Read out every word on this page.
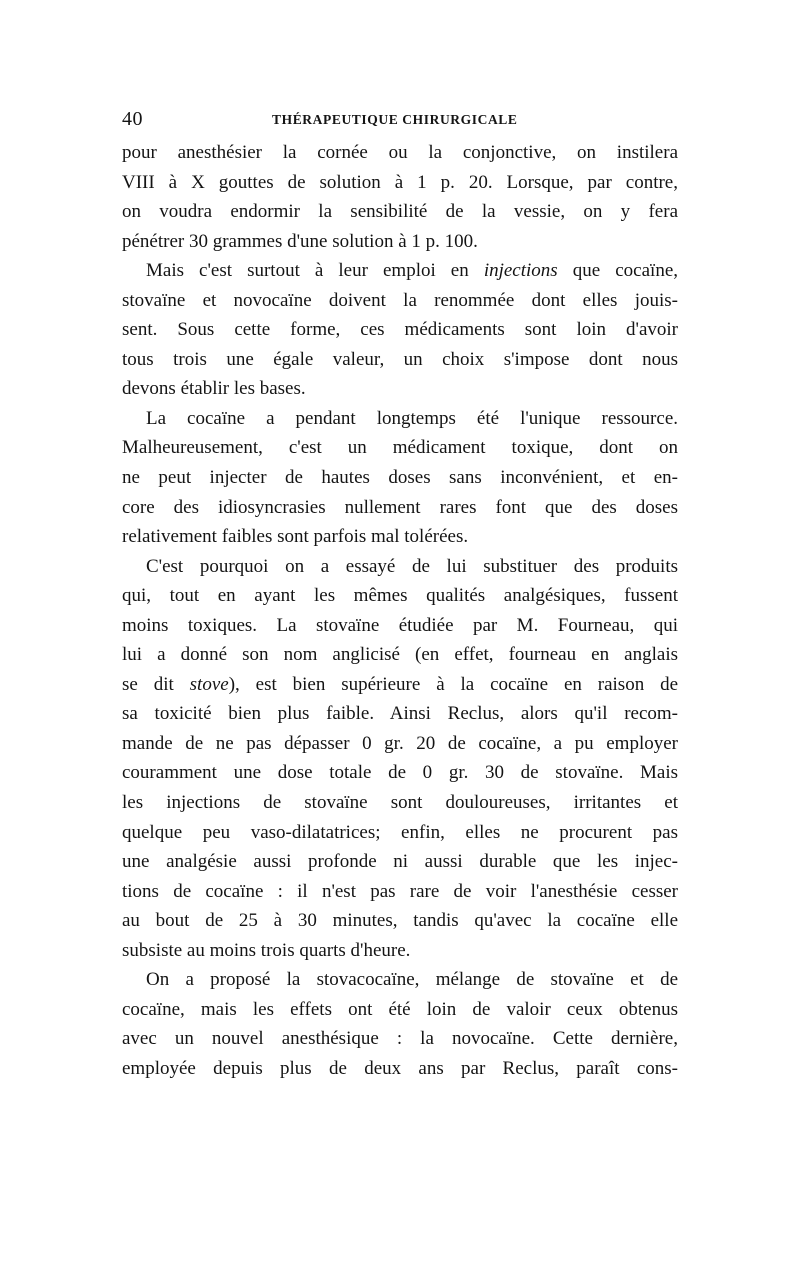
40	THÉRAPEUTIQUE CHIRURGICALE
pour anesthésier la cornée ou la conjonctive, on instilera
VIII à X gouttes de solution à 1 p. 20. Lorsque, par contre,
on voudra endormir la sensibilité de la vessie, on y fera
pénétrer 30 grammes d'une solution à 1 p. 100.
Mais c'est surtout à leur emploi en injections que cocaïne,
stovaïne et novocaïne doivent la renommée dont elles jouis-
sent. Sous cette forme, ces médicaments sont loin d'avoir
tous trois une égale valeur, un choix s'impose dont nous
devons établir les bases.
La cocaïne a pendant longtemps été l'unique ressource.
Malheureusement, c'est un médicament toxique, dont on
ne peut injecter de hautes doses sans inconvénient, et en-
core des idiosyncrasies nullement rares font que des doses
relativement faibles sont parfois mal tolérées.
C'est pourquoi on a essayé de lui substituer des produits
qui, tout en ayant les mêmes qualités analgésiques, fussent
moins toxiques. La stovaïne étudiée par M. Fourneau, qui
lui a donné son nom anglicisé (en effet, fourneau en anglais
se dit stove), est bien supérieure à la cocaïne en raison de
sa toxicité bien plus faible. Ainsi Reclus, alors qu'il recom-
mande de ne pas dépasser 0 gr. 20 de cocaïne, a pu employer
couramment une dose totale de 0 gr. 30 de stovaïne. Mais
les injections de stovaïne sont douloureuses, irritantes et
quelque peu vaso-dilatatrices; enfin, elles ne procurent pas
une analgésie aussi profonde ni aussi durable que les injec-
tions de cocaïne : il n'est pas rare de voir l'anesthésie cesser
au bout de 25 à 30 minutes, tandis qu'avec la cocaïne elle
subsiste au moins trois quarts d'heure.
On a proposé la stovacocaïne, mélange de stovaïne et de
cocaïne, mais les effets ont été loin de valoir ceux obtenus
avec un nouvel anesthésique : la novocaïne. Cette dernière,
employée depuis plus de deux ans par Reclus, paraît cons-
